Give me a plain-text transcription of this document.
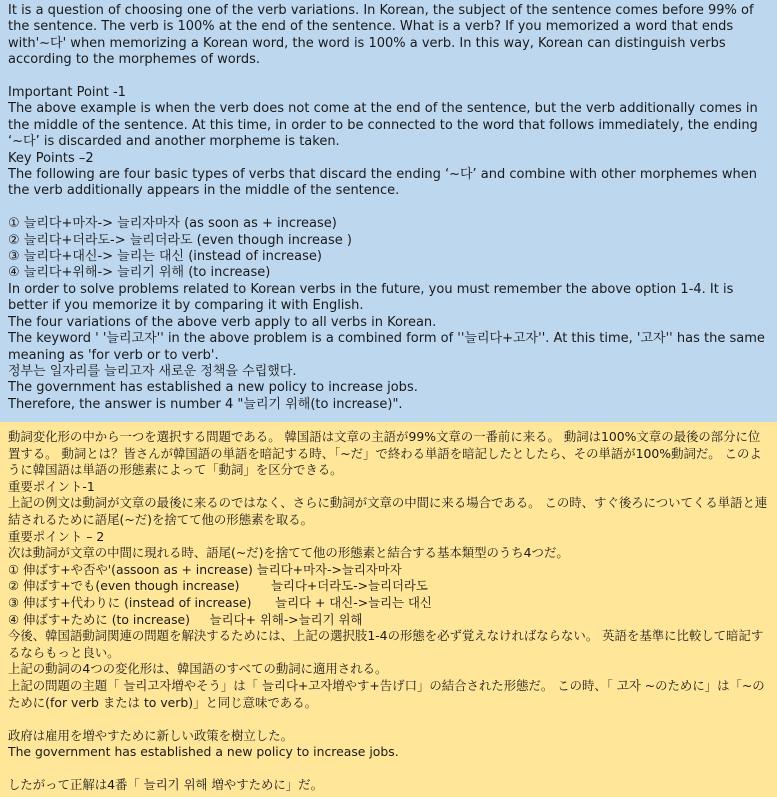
It is a question of choosing one of the verb variations. In Korean, the subject of the sentence comes before 99% of the sentence. The verb is 100% at the end of the sentence. What is a verb? If you memorized a word that ends with'~다' when memorizing a Korean word, the word is 100% a verb. In this way, Korean can distinguish verbs according to the morphemes of words.
Important Point -1
The above example is when the verb does not come at the end of the sentence, but the verb additionally comes in the middle of the sentence. At this time, in order to be connected to the word that follows immediately, the ending ‘~다’ is discarded and another morpheme is taken.
Key Points –2
The following are four basic types of verbs that discard the ending ‘~다’ and combine with other morphemes when the verb additionally appears in the middle of the sentence.
① 늘리다+마자-> 늘리자마자 (as soon as + increase)
② 늘리다+더라도-> 늘리더라도 (even though increase )
③ 늘리다+대신-> 늘리는 대신 (instead of increase)
④ 늘리다+위해-> 늘리기 위해 (to increase)
In order to solve problems related to Korean verbs in the future, you must remember the above option 1-4. It is better if you memorize it by comparing it with English.
The four variations of the above verb apply to all verbs in Korean.
The keyword ' '늘리고자'' in the above problem is a combined form of ''늘리다+고자''. At this time, '고자'' has the same meaning as 'for verb or to verb'.
정부는 일자리를 늘리고자 새로운 정책을 수립했다.
The government has established a new policy to increase jobs.
Therefore, the answer is number 4 "늘리기 위해(to increase)".
動詞変化形の中から一つを選択する問題である。 韓国語は文章の主語が99%文章の一番前に来る。 動詞は100%文章の最後の部分に位置する。 動詞とは？皆さんが韓国語の単語を暗記する時、「~だ」で終わる単語を暗記したとしたら、その単語が100%動詞だ。 このように韓国語は単語の形態素によって「動詞」を区分できる。
重要ポイント-1
上記の例文は動詞が文章の最後に来るのではなく、さらに動詞が文章の中間に来る場合である。 この時、すぐ後ろについてくる単語と連結されるために語尾(~だ)を捨てて他の形態素を取る。
重要ポイント – 2
次は動詞が文章の中間に現れる時、語尾(~だ)を捨てて他の形態素と結合する基本類型のうち4つだ。
① 伸ばす+や否や'(assoon as + increase) 늘리다+마자->늘리자마자
② 伸ばす+でも(even though increase)        늘리다+더라도->늘리더라도
③ 伸ばす+代わりに (instead of increase)      늘리다 + 대신->늘리는 대신
④ 伸ばす+ために (to increase)     늘리다+ 위해->늘리기 위해
今後、韓国語動詞関連の問題を解決するためには、上記の選択肢1-4の形態を必ず覚えなければならない。 英語を基準に比較して暗記するならもっと良い。
上記の動詞の4つの変化形は、韓国語のすべての動詞に適用される。
上記の問題の主題「 늘리고자増やそう」は「 늘리다+고자増やす+告げ口」の結合された形態だ。 この時、「 고자 ~のために」は「~のために(for verb または to verb)」と同じ意味である。
政府は雇用を増やすために新しい政策を樹立した。
The government has established a new policy to increase jobs.
したがって正解は4番「 늘리기 위해 増やすために」だ。
